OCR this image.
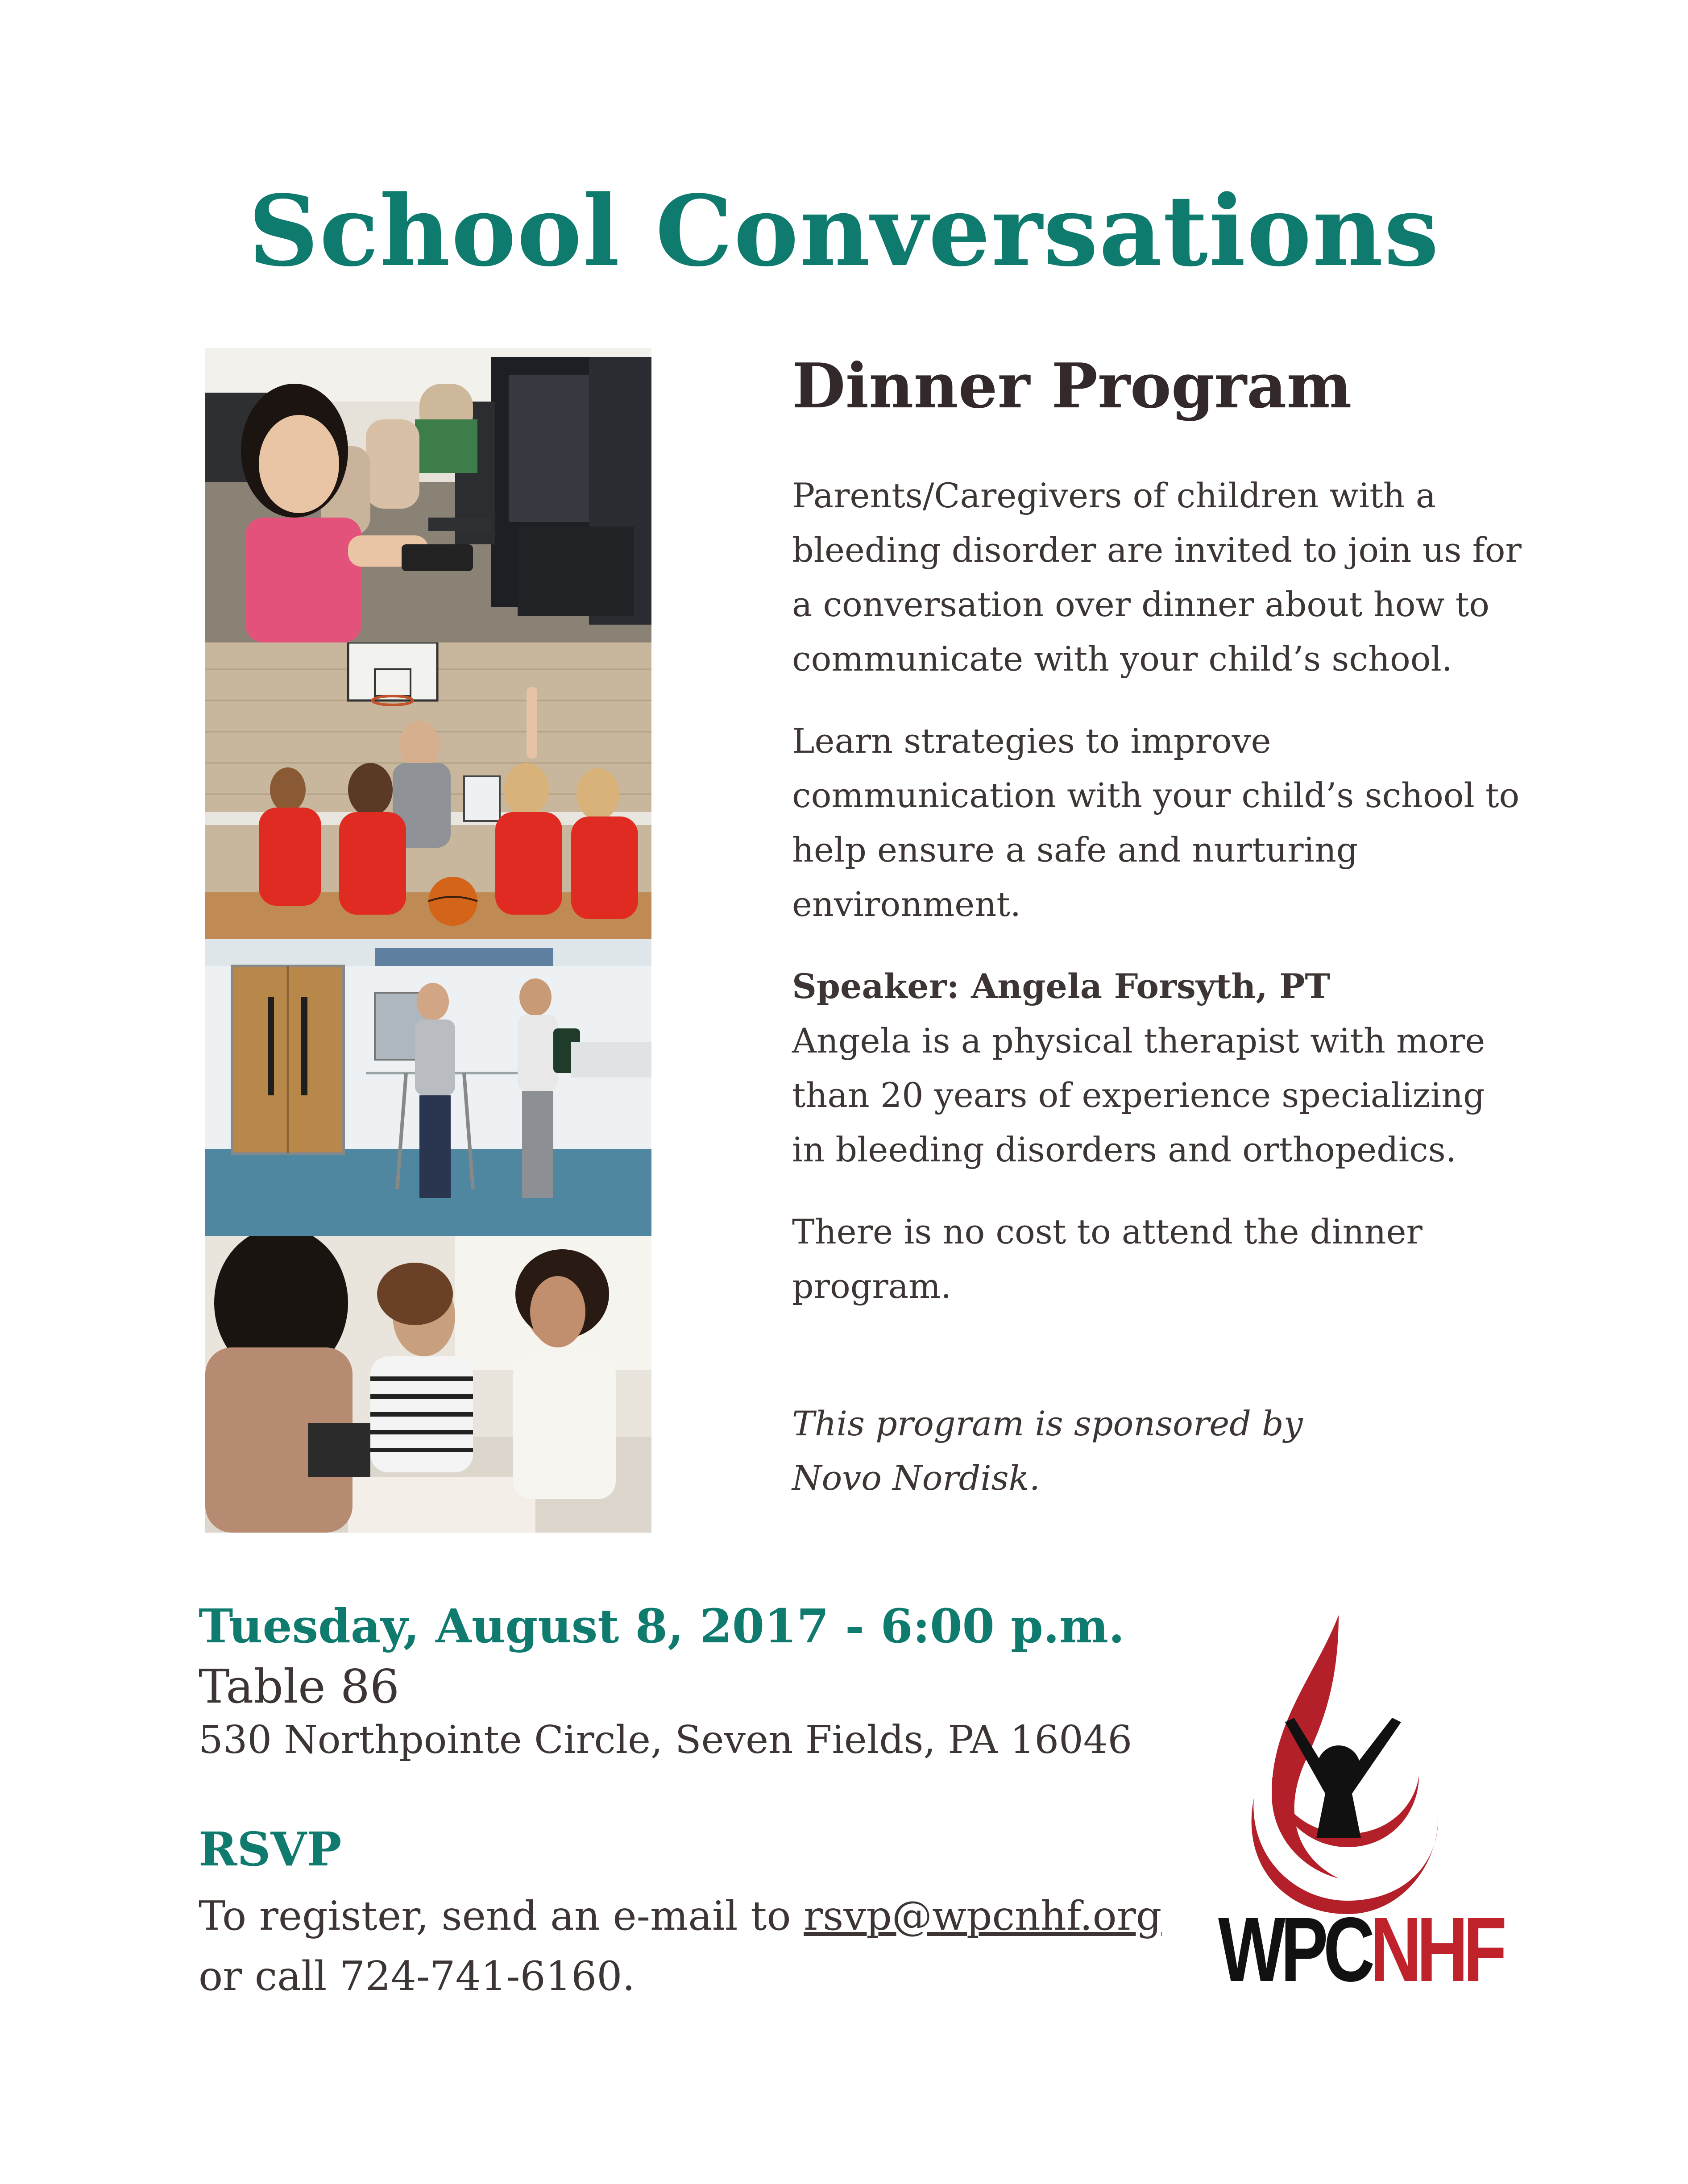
School Conversations
Dinner Program

Parents/Caregivers of children with a bleeding disorder are invited to join us for a conversation over dinner about how to communicate with your child’s school.

Learn strategies to improve communication with your child’s school to help ensure a safe and nurturing environment.

Speaker: Angela Forsyth, PT

Angela is a physical therapist with more than 20 years of experience specializing in bleeding disorders and orthopedics.

There is no cost to attend the dinner program.

This program is sponsored by
Novo Nordisk.

Tuesday, August 8, 2017 - 6:00 p.m.

Table 86

530 Northpointe Circle, Seven Fields, PA 16046

RSVP

To register, send an e-mail to rsvp@wpcnhf.org

or call 724-741-6160.	WPCNHF
